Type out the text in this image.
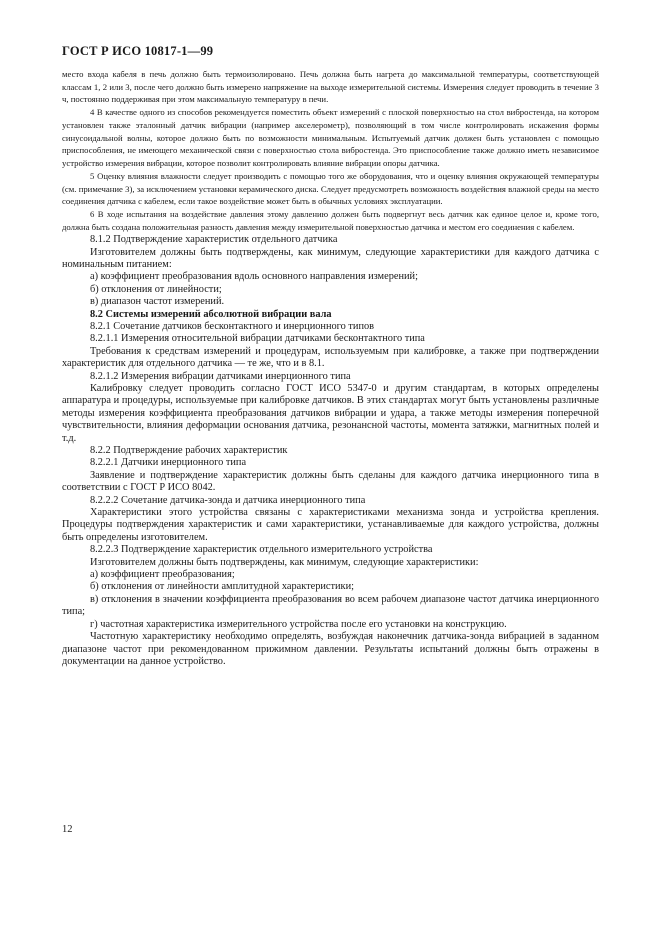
ГОСТ Р ИСО 10817-1—99

место входа кабеля в печь должно быть термоизолировано. Печь должна быть нагрета до максимальной температуры, соответствующей классам 1, 2 или 3, после чего должно быть измерено напряжение на выходе измерительной системы. Измерения следует проводить в течение 3 ч, постоянно поддерживая при этом максимальную температуру в печи.

4 В качестве одного из способов рекомендуется поместить объект измерений с плоской поверхностью на стол вибростенда, на котором установлен также эталонный датчик вибрации (например акселерометр), позволяющий в том числе контролировать искажения формы синусоидальной волны, которое должно быть по возможности минимальным. Испытуемый датчик должен быть установлен с помощью приспособления, не имеющего механической связи с поверхностью стола вибростенда. Это приспособление также должно иметь независимое устройство измерения вибрации, которое позволит контролировать влияние вибрации опоры датчика.

5 Оценку влияния влажности следует производить с помощью того же оборудования, что и оценку влияния окружающей температуры (см. примечание 3), за исключением установки керамического диска. Следует предусмотреть возможность воздействия влажной среды на место соединения датчика с кабелем, если такое воздействие может быть в обычных условиях эксплуатации.

6 В ходе испытания на воздействие давления этому давлению должен быть подвергнут весь датчик как единое целое и, кроме того, должна быть создана положительная разность давления между измерительной поверхностью датчика и местом его соединения с кабелем.

8.1.2 Подтверждение характеристик отдельного датчика

Изготовителем должны быть подтверждены, как минимум, следующие характеристики для каждого датчика с номинальным питанием:

а) коэффициент преобразования вдоль основного направления измерений;

б) отклонения от линейности;

в) диапазон частот измерений.

8.2 Системы измерений абсолютной вибрации вала

8.2.1 Сочетание датчиков бесконтактного и инерционного типов

8.2.1.1 Измерения относительной вибрации датчиками бесконтактного типа

Требования к средствам измерений и процедурам, используемым при калибровке, а также при подтверждении характеристик для отдельного датчика — те же, что и в 8.1.

8.2.1.2 Измерения вибрации датчиками инерционного типа

Калибровку следует проводить согласно ГОСТ ИСО 5347-0 и другим стандартам, в которых определены аппаратура и процедуры, используемые при калибровке датчиков. В этих стандартах могут быть установлены различные методы измерения коэффициента преобразования датчиков вибрации и удара, а также методы измерения поперечной чувствительности, влияния деформации основания датчика, резонансной частоты, момента затяжки, магнитных полей и т.д.

8.2.2 Подтверждение рабочих характеристик

8.2.2.1 Датчики инерционного типа

Заявление и подтверждение характеристик должны быть сделаны для каждого датчика инерционного типа в соответствии с ГОСТ Р ИСО 8042.

8.2.2.2 Сочетание датчика-зонда и датчика инерционного типа

Характеристики этого устройства связаны с характеристиками механизма зонда и устройства крепления. Процедуры подтверждения характеристик и сами характеристики, устанавливаемые для каждого устройства, должны быть определены изготовителем.

8.2.2.3 Подтверждение характеристик отдельного измерительного устройства

Изготовителем должны быть подтверждены, как минимум, следующие характеристики:

а) коэффициент преобразования;

б) отклонения от линейности амплитудной характеристики;

в) отклонения в значении коэффициента преобразования во всем рабочем диапазоне частот датчика инерционного типа;

г) частотная характеристика измерительного устройства после его установки на конструкцию.

Частотную характеристику необходимо определять, возбуждая наконечник датчика-зонда вибрацией в заданном диапазоне частот при рекомендованном прижимном давлении. Результаты испытаний должны быть отражены в документации на данное устройство.

12
